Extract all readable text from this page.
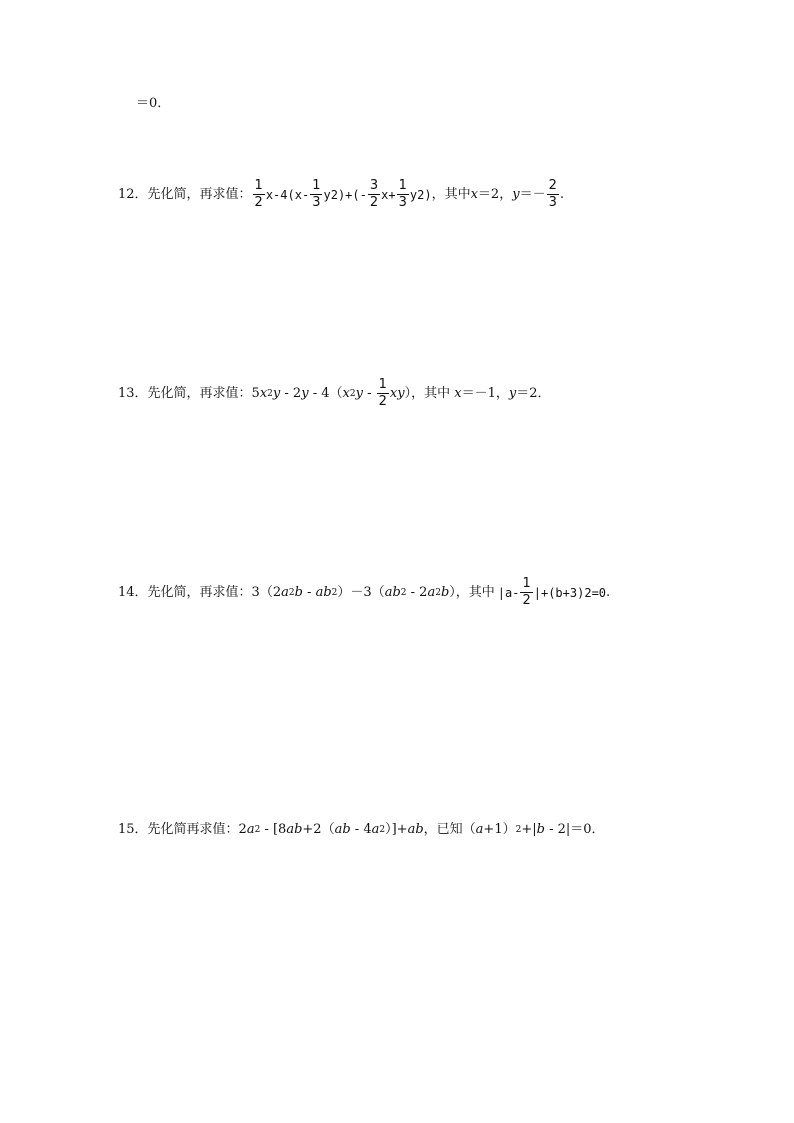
＝0．
12．先化简，再求值： $\frac{1}{2} x-4(x- \frac{1}{3}$ y 2 )+(- $\frac{3}{2} x+ \frac{1}{3}$ y 2 ) ，其中 x ＝2， $y =- \frac{2}{3}$ .
13．先化简，再求值： 5 x 2 y - 2 y - 4（ x 2 y - $\frac{1}{2}$ xy ），其中 x ＝－1， y ＝2．
14．先化简，再求值： 3（2 a 2 b - ab 2 ）－3（ ab 2 - 2 a 2 b ），其中 $|a- \frac{1}{2} |+(b+3)$ 2 =0 .
15．先化简再求值： 2 a 2 - [8 ab +2（ ab - 4 a 2 ）]+ ab ，已知（ a +1） 2 +| b - 2|＝0．
